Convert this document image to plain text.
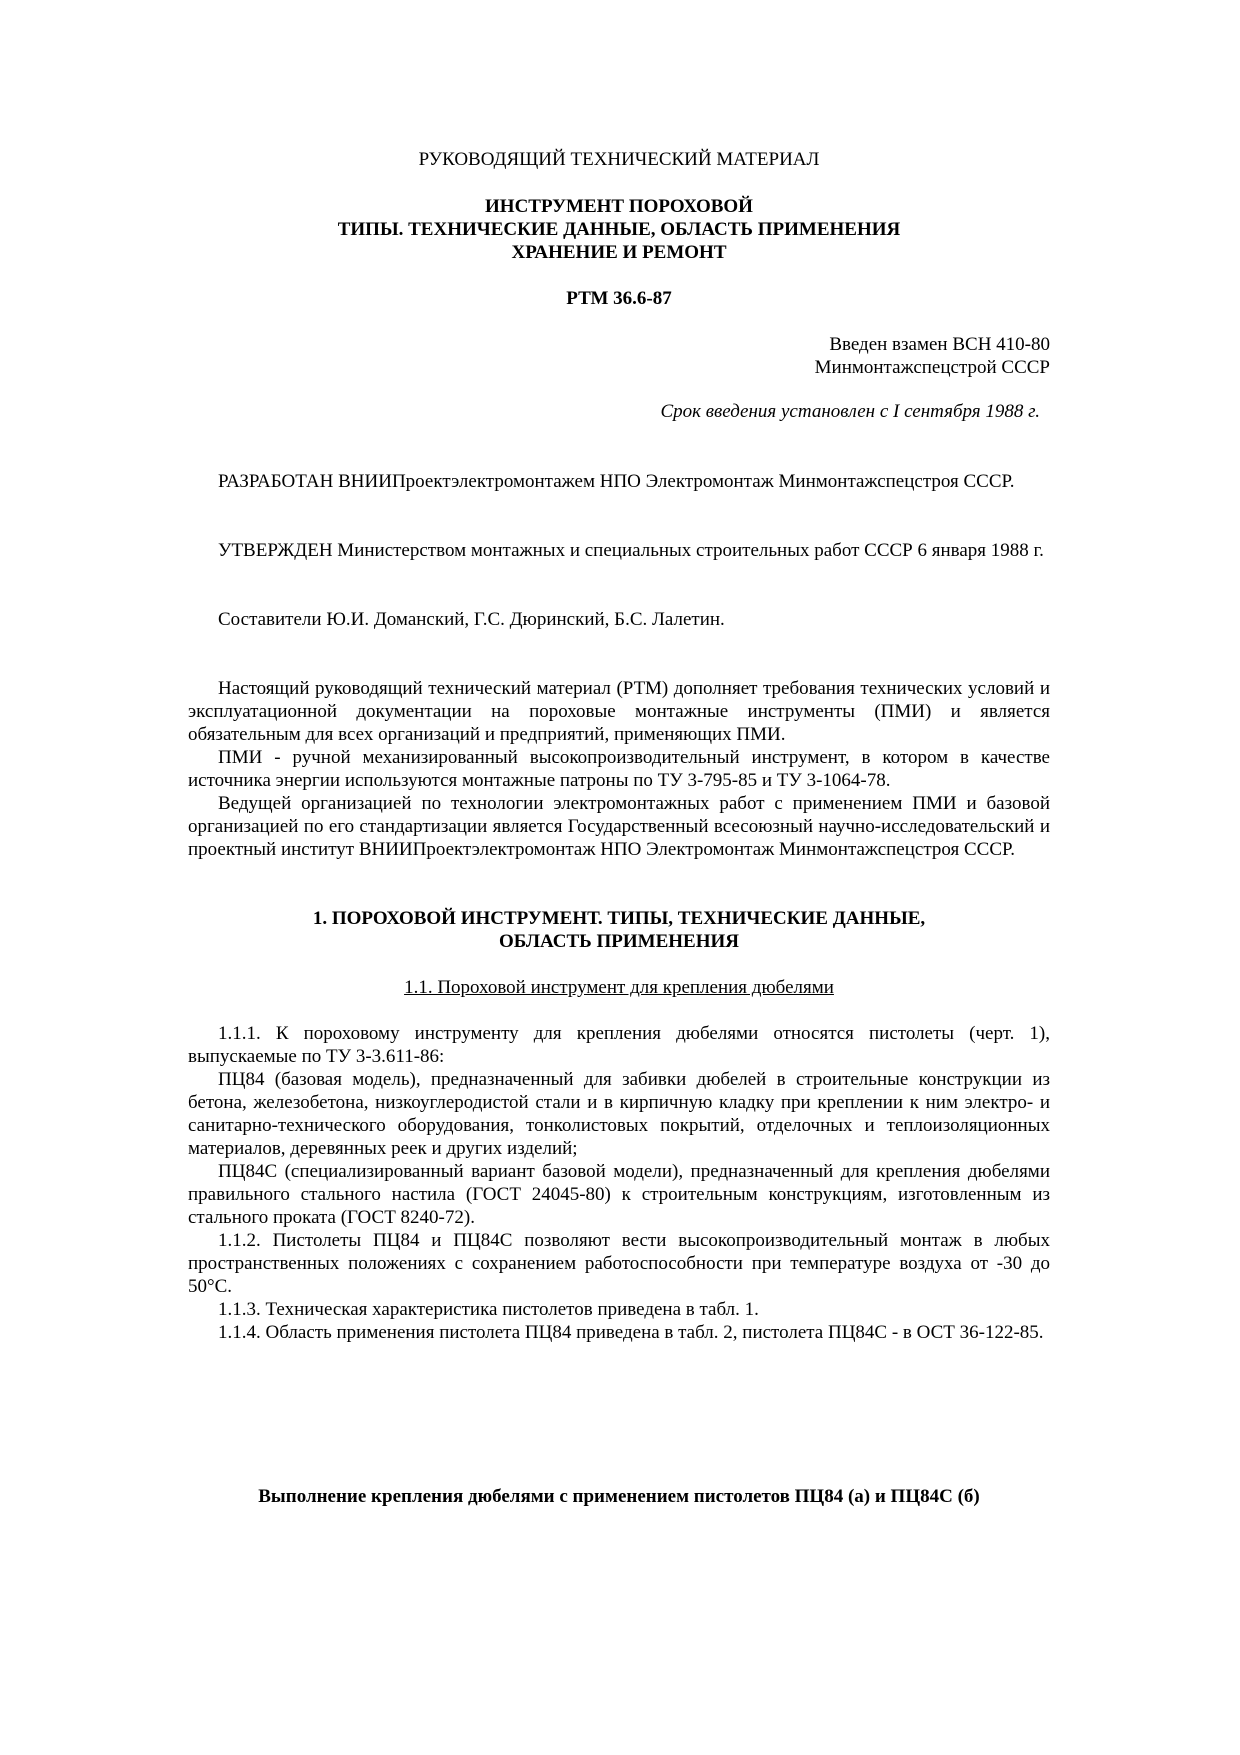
РУКОВОДЯЩИЙ ТЕХНИЧЕСКИЙ МАТЕРИАЛ
ИНСТРУМЕНТ ПОРОХОВОЙ
ТИПЫ. ТЕХНИЧЕСКИЕ ДАННЫЕ, ОБЛАСТЬ ПРИМЕНЕНИЯ
ХРАНЕНИЕ И РЕМОНТ
РТМ 36.6-87
Введен взамен ВСН 410-80
Минмонтажспецстрой СССР
Срок введения установлен с I сентября 1988 г.

РАЗРАБОТАН ВНИИПроектэлектромонтажем НПО Электромонтаж Минмонтажспецстроя СССР.

УТВЕРЖДЕН Министерством монтажных и специальных строительных работ СССР 6 января 1988 г.

Составители Ю.И. Доманский, Г.С. Дюринский, Б.С. Лалетин.

Настоящий руководящий технический материал (РТМ) дополняет требования технических условий и эксплуатационной документации на пороховые монтажные инструменты (ПМИ) и является обязательным для всех организаций и предприятий, применяющих ПМИ.

ПМИ - ручной механизированный высокопроизводительный инструмент, в котором в качестве источника энергии используются монтажные патроны по ТУ 3-795-85 и ТУ 3-1064-78.

Ведущей организацией по технологии электромонтажных работ с применением ПМИ и базовой организацией по его стандартизации является Государственный всесоюзный научно-исследовательский и проектный институт ВНИИПроектэлектромонтаж НПО Электромонтаж Минмонтажспецстроя СССР.

1. ПОРОХОВОЙ ИНСТРУМЕНТ. ТИПЫ, ТЕХНИЧЕСКИЕ ДАННЫЕ,
ОБЛАСТЬ ПРИМЕНЕНИЯ
1.1. Пороховой инструмент для крепления дюбелями

1.1.1. К пороховому инструменту для крепления дюбелями относятся пистолеты (черт. 1), выпускаемые по ТУ 3-3.611-86:

ПЦ84 (базовая модель), предназначенный для забивки дюбелей в строительные конструкции из бетона, железобетона, низкоуглеродистой стали и в кирпичную кладку при креплении к ним электро- и санитарно-технического оборудования, тонколистовых покрытий, отделочных и теплоизоляционных материалов, деревянных реек и других изделий;

ПЦ84С (специализированный вариант базовой модели), предназначенный для крепления дюбелями правильного стального настила (ГОСТ 24045-80) к строительным конструкциям, изготовленным из стального проката (ГОСТ 8240-72).

1.1.2. Пистолеты ПЦ84 и ПЦ84С позволяют вести высокопроизводительный монтаж в любых пространственных положениях с сохранением работоспособности при температуре воздуха от -30 до 50°С.

1.1.3. Техническая характеристика пистолетов приведена в табл. 1.

1.1.4. Область применения пистолета ПЦ84 приведена в табл. 2, пистолета ПЦ84С - в ОСТ 36-122-85.

Выполнение крепления дюбелями с применением пистолетов ПЦ84 (а) и ПЦ84С (б)
